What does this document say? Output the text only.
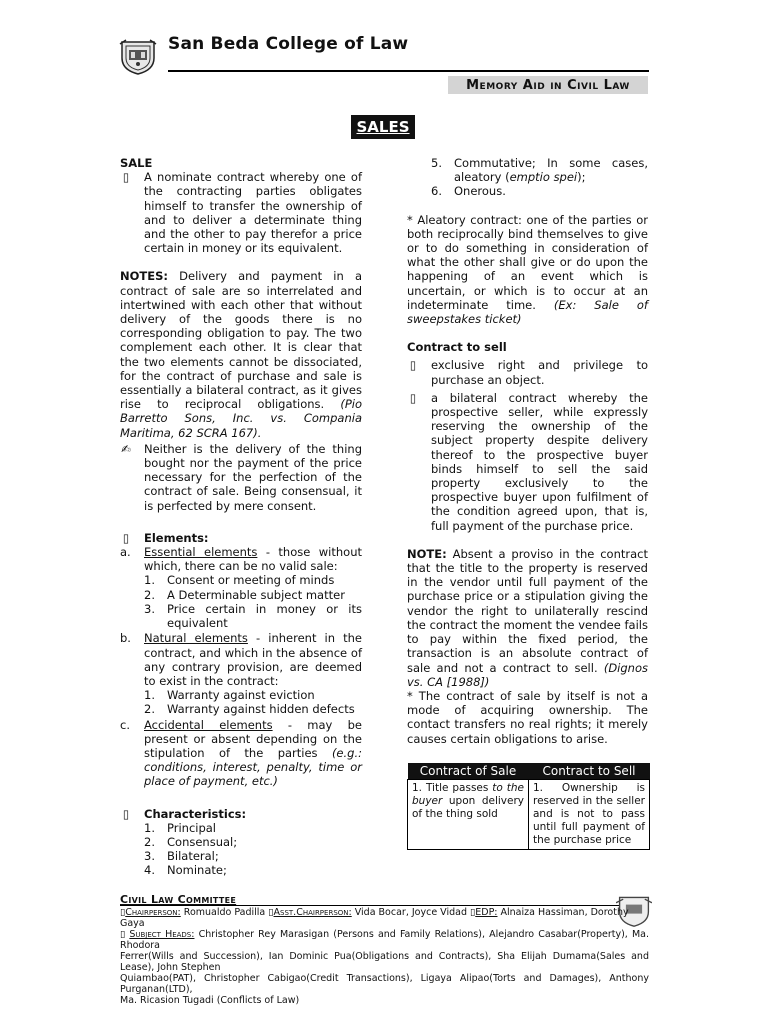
San Beda College of Law
Memory Aid in Civil Law
SALES

SALE

▯ A nominate contract whereby one of the contracting parties obligates himself to transfer the ownership of and to deliver a determinate thing and the other to pay therefor a price certain in money or its equivalent.

NOTES: Delivery and payment in a contract of sale are so interrelated and intertwined with each other that without delivery of the goods there is no corresponding obligation to pay. The two complement each other. It is clear that the two elements cannot be dissociated, for the contract of purchase and sale is essentially a bilateral contract, as it gives rise to reciprocal obligations. (Pio Barretto Sons, Inc. vs. Compania Maritima, 62 SCRA 167).

✍ Neither is the delivery of the thing bought nor the payment of the price necessary for the perfection of the contract of sale. Being consensual, it is perfected by mere consent.
▯ Elements:
a. Essential elements - those without which, there can be no valid sale:
1. Consent or meeting of minds
2. A Determinable subject matter
3. Price certain in money or its equivalent
b. Natural elements - inherent in the contract, and which in the absence of any contrary provision, are deemed to exist in the contract:
1. Warranty against eviction
2. Warranty against hidden defects
c. Accidental elements - may be present or absent depending on the stipulation of the parties (e.g.: conditions, interest, penalty, time or place of payment, etc.)
▯ Characteristics:
1. Principal
2. Consensual;
3. Bilateral;
4. Nominate;
5. Commutative; In some cases, aleatory (emptio spei);
6. Onerous.

* Aleatory contract: one of the parties or both reciprocally bind themselves to give or to do something in consideration of what the other shall give or do upon the happening of an event which is uncertain, or which is to occur at an indeterminate time. (Ex: Sale of sweepstakes ticket)

Contract to sell

▯ exclusive right and privilege to purchase an object.
▯ a bilateral contract whereby the prospective seller, while expressly reserving the ownership of the subject property despite delivery thereof to the prospective buyer binds himself to sell the said property exclusively to the prospective buyer upon fulfilment of the condition agreed upon, that is, full payment of the purchase price.

NOTE: Absent a proviso in the contract that the title to the property is reserved in the vendor until full payment of the purchase price or a stipulation giving the vendor the right to unilaterally rescind the contract the moment the vendee fails to pay within the fixed period, the transaction is an absolute contract of sale and not a contract to sell. (Dignos vs. CA [1988])

* The contract of sale by itself is not a mode of acquiring ownership. The contact transfers no real rights; it merely causes certain obligations to arise.

Contract of Sale	Contract to Sell
1. Title passes to the buyer upon delivery of the thing sold	1. Ownership is reserved in the seller and is not to pass until full payment of the purchase price
Civil Law Committee
▯Chairperson: Romualdo Padilla ▯Asst.Chairperson: Vida Bocar, Joyce Vidad ▯EDP: Alnaiza Hassiman, Dorothy Gaya
▯ Subject Heads: Christopher Rey Marasigan (Persons and Family Relations), Alejandro Casabar(Property), Ma. Rhodora
Ferrer(Wills and Succession), Ian Dominic Pua(Obligations and Contracts), Sha Elijah Dumama(Sales and Lease), John Stephen
Quiambao(PAT), Christopher Cabigao(Credit Transactions), Ligaya Alipao(Torts and Damages), Anthony Purganan(LTD),
Ma. Ricasion Tugadi (Conflicts of Law)
